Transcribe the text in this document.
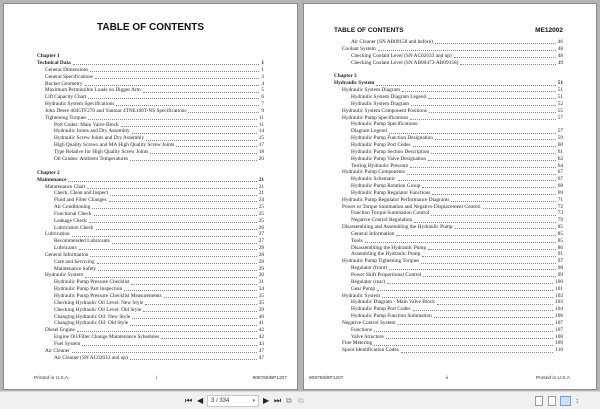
TABLE OF CONTENTS
Chapter 1
Technical Data	1
General Dimensions	1
General Specifications	3
Bucket Geometry	4
Maximum Permissible Loads on Digger Arm	5
Lift Capacity Chart	6
Hydraulic System Specifications	7
John Deere 4045TF270 and Yanmar 4TNE106T-NS Specifications	9
Tightening Torques	11
Port Codes: Main Valve Block	11
Hydraulic Joints and Dry Assembly	14
Hydraulic Screw Joints and Dry Assembly	15
High Quality Screws and MA High Quality Screw Joints	17
Type Relative for High Quality Screw Joints	18
Oil Grades: Ambient Temperatures	20
Chapter 2
Maintenance	21
Maintenance Chart	21
Check, Clean and Inspect	21
Fluid and Filter Changes	24
Air Conditioning	25
Functional Check	25
Leakage Check	25
Lubrication Check	26
Lubrication	27
Recommended Lubricants	27
Lubricants	28
General Information	28
Care and Servicing	28
Maintenance Safety	29
Hydraulic System	30
Hydraulic Pump Pressure Checklist	31
Hydraulic Pump Part Inspection	34
Hydraulic Pump Pressure Checklist Measurements	35
Checking Hydraulic Oil Level: New Style	35
Checking Hydraulic Oil Level: Old Style	39
Changing Hydraulic Oil: New Style	40
Changing Hydraulic Oil: Old Style	41
Diesel Engine	42
Engine Oil/Filter Change Maintenance Schedules	42
Fuel System	43
Air Cleaner	47
Air Cleaner (SN AC02633 and up)	47
Printed in U.S.A.	i	909768/BP1207
TABLE OF CONTENTS	ME12002
Air Cleaner (SN AB09158 and before)	46
Coolant System	48
Checking Coolant Level (SN AC02633 and up)	48
Checking Coolant Level (SN AB00473-AB09158)	49
Chapter 3
Hydraulic System	51
Hydraulic System Diagram	51
Hydraulic System Diagram Legend	51
Hydraulic System Diagram	52
Hydraulic System Component Positions	55
Hydraulic Pump Specifications	57
Hydraulic Pump Specifications:
Diagram Legend	57
Hydraulic Pump Function Designation	59
Hydraulic Pump Port Codes	60
Hydraulic Pump Section Description	61
Hydraulic Pump Valve Designation	62
Testing Hydraulic Pressure	64
Hydraulic Pump Components	67
Hydraulic Schematic	67
Hydraulic Pump Rotation Group	68
Hydraulic Pump Regulator Functions	69
Hydraulic Pump Regulator Performance Diagrams	71
Power or Torque Summation and Negative Displacement Control	72
Function Torque Summation Control	73
Negative Control Regulation	79
Disassembling and Assembling the Hydraulic Pump	85
General Information	85
Tools	85
Disassembling the Hydraulic Pump	86
Assembling the Hydraulic Pump	91
Hydraulic Pump Tightening Torques	97
Regulator (front)	98
Power Shift Proportional Control	99
Regulator (rear)	100
Gear Pump	101
Hydraulic System	102
Hydraulic Diagram - Main Valve Block	103
Hydraulic Pump Port Codes	104
Hydraulic Pump Function Summation	106
Negative Control System	107
Functions	107
Valve Structure	108
Fine Metering	109
Spool Identification Codes	110
909768/BP1207	ii	Printed in U.S.A
⏮ ◀	3 / 334	▾ ▶ ⏭ ⧉ ⧉	↕
